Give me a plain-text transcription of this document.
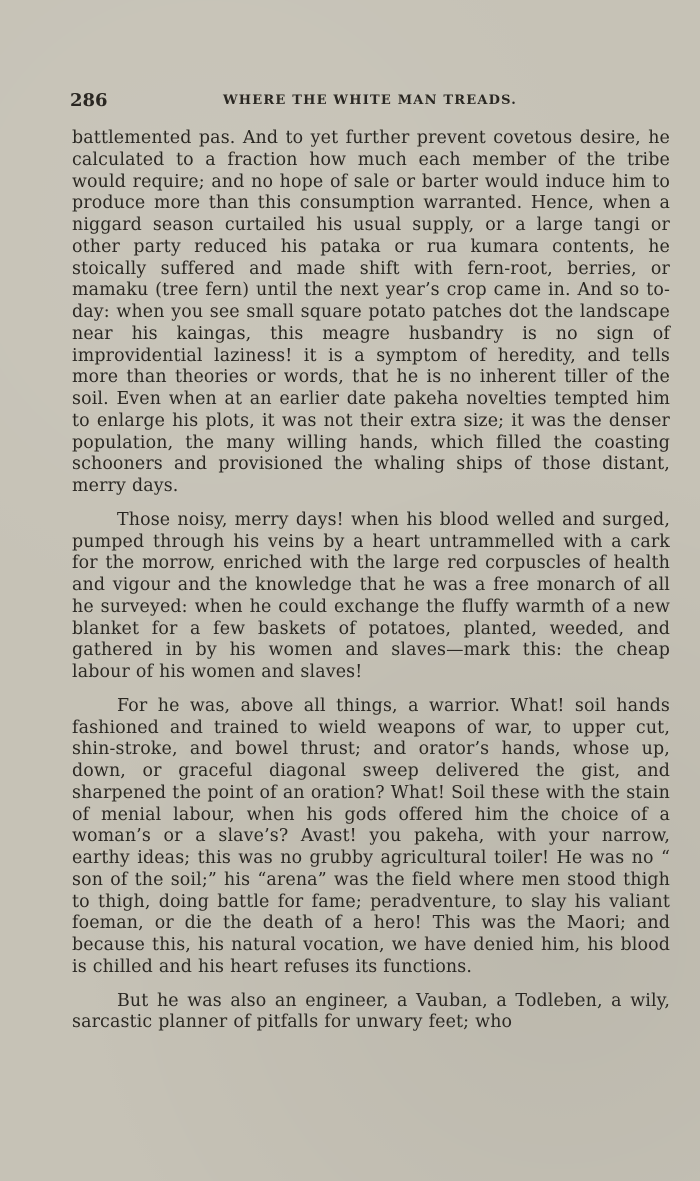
286	WHERE THE WHITE MAN TREADS.

battlemented pas. And to yet further prevent covetous desire, he calculated to a fraction how much each member of the tribe would require; and no hope of sale or barter would induce him to produce more than this consumption warranted. Hence, when a niggard season curtailed his usual supply, or a large tangi or other party reduced his pataka or rua kumara contents, he stoically suffered and made shift with fern-root, berries, or mamaku (tree fern) until the next year’s crop came in. And so to-day: when you see small square potato patches dot the landscape near his kaingas, this meagre husbandry is no sign of improvidential laziness! it is a symptom of heredity, and tells more than theories or words, that he is no inherent tiller of the soil. Even when at an earlier date pakeha novelties tempted him to enlarge his plots, it was not their extra size; it was the denser population, the many willing hands, which filled the coasting schooners and provisioned the whaling ships of those distant, merry days.

Those noisy, merry days! when his blood welled and surged, pumped through his veins by a heart untrammelled with a cark for the morrow, enriched with the large red corpuscles of health and vigour and the knowledge that he was a free monarch of all he surveyed: when he could exchange the fluffy warmth of a new blanket for a few baskets of potatoes, planted, weeded, and gathered in by his women and slaves—mark this: the cheap labour of his women and slaves!

For he was, above all things, a warrior. What! soil hands fashioned and trained to wield weapons of war, to upper cut, shin-stroke, and bowel thrust; and orator’s hands, whose up, down, or graceful diagonal sweep delivered the gist, and sharpened the point of an oration? What! Soil these with the stain of menial labour, when his gods offered him the choice of a woman’s or a slave’s? Avast! you pakeha, with your narrow, earthy ideas; this was no grubby agricultural toiler! He was no “ son of the soil;” his “arena” was the field where men stood thigh to thigh, doing battle for fame; peradventure, to slay his valiant foeman, or die the death of a hero! This was the Maori; and because this, his natural vocation, we have denied him, his blood is chilled and his heart refuses its functions.

But he was also an engineer, a Vauban, a Todleben, a wily, sarcastic planner of pitfalls for unwary feet; who
